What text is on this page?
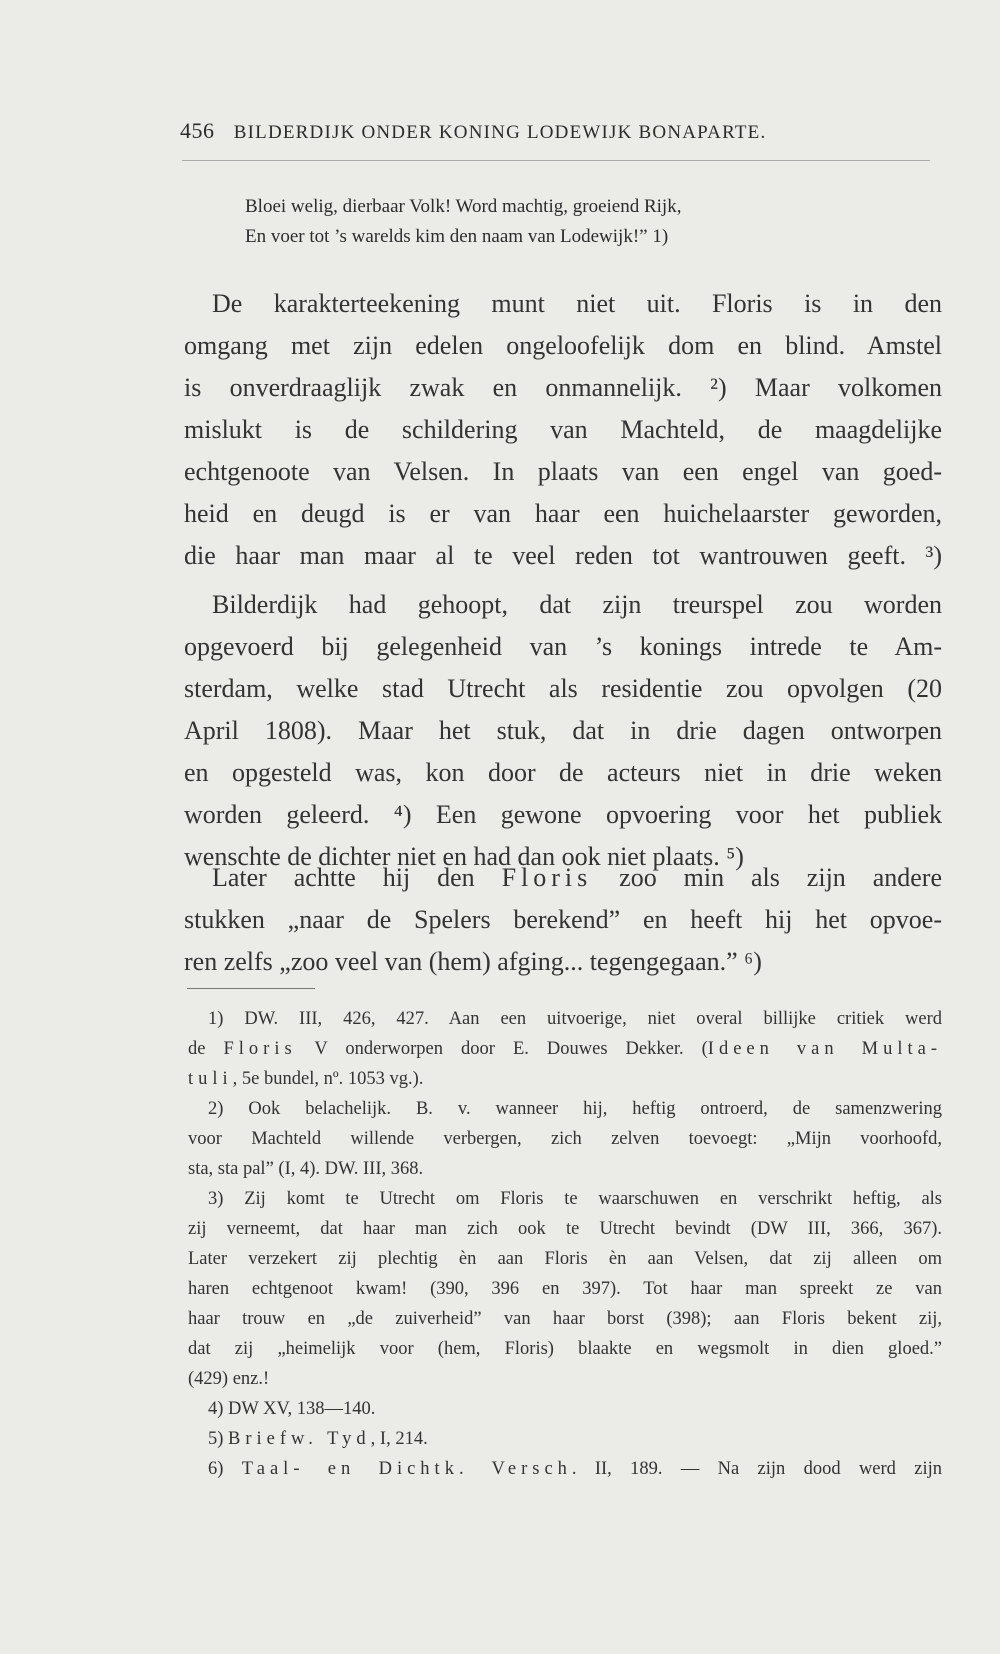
456 BILDERDIJK ONDER KONING LODEWIJK BONAPARTE.
Bloei welig, dierbaar Volk! Word machtig, groeiend Rijk,
En voer tot ’s warelds kim den naam van Lodewijk!” 1)

De karakterteekening munt niet uit. Floris is in den

omgang met zijn edelen ongeloofelijk dom en blind. Amstel

is onverdraaglijk zwak en onmannelijk. ²) Maar volkomen

mislukt is de schildering van Machteld, de maagdelijke

echtgenoote van Velsen. In plaats van een engel van goed-

heid en deugd is er van haar een huichelaarster geworden,

die haar man maar al te veel reden tot wantrouwen geeft. ³)

Bilderdijk had gehoopt, dat zijn treurspel zou worden

opgevoerd bij gelegenheid van ’s konings intrede te Am-

sterdam, welke stad Utrecht als residentie zou opvolgen (20

April 1808). Maar het stuk, dat in drie dagen ontworpen

en opgesteld was, kon door de acteurs niet in drie weken

worden geleerd. ⁴) Een gewone opvoering voor het publiek

wenschte de dichter niet en had dan ook niet plaats. ⁵)

Later achtte hij den Floris zoo min als zijn andere

stukken „naar de Spelers berekend” en heeft hij het opvoe-

ren zelfs „zoo veel van (hem) afging... tegengegaan.” ⁶)

1) DW. III, 426, 427. Aan een uitvoerige, niet overal billijke critiek werd

de Floris V onderworpen door E. Douwes Dekker. (Ideen van Multa-

tuli, 5e bundel, nº. 1053 vg.).

2) Ook belachelijk. B. v. wanneer hij, heftig ontroerd, de samenzwering

voor Machteld willende verbergen, zich zelven toevoegt: „Mijn voorhoofd,

sta, sta pal” (I, 4). DW. III, 368.

3) Zij komt te Utrecht om Floris te waarschuwen en verschrikt heftig, als

zij verneemt, dat haar man zich ook te Utrecht bevindt (DW III, 366, 367).

Later verzekert zij plechtig èn aan Floris èn aan Velsen, dat zij alleen om

haren echtgenoot kwam! (390, 396 en 397). Tot haar man spreekt ze van

haar trouw en „de zuiverheid” van haar borst (398); aan Floris bekent zij,

dat zij „heimelijk voor (hem, Floris) blaakte en wegsmolt in dien gloed.”

(429) enz.!

4) DW XV, 138—140.

5) Briefw. Tyd, I, 214.

6) Taal- en Dichtk. Versch. II, 189. — Na zijn dood werd zijn
